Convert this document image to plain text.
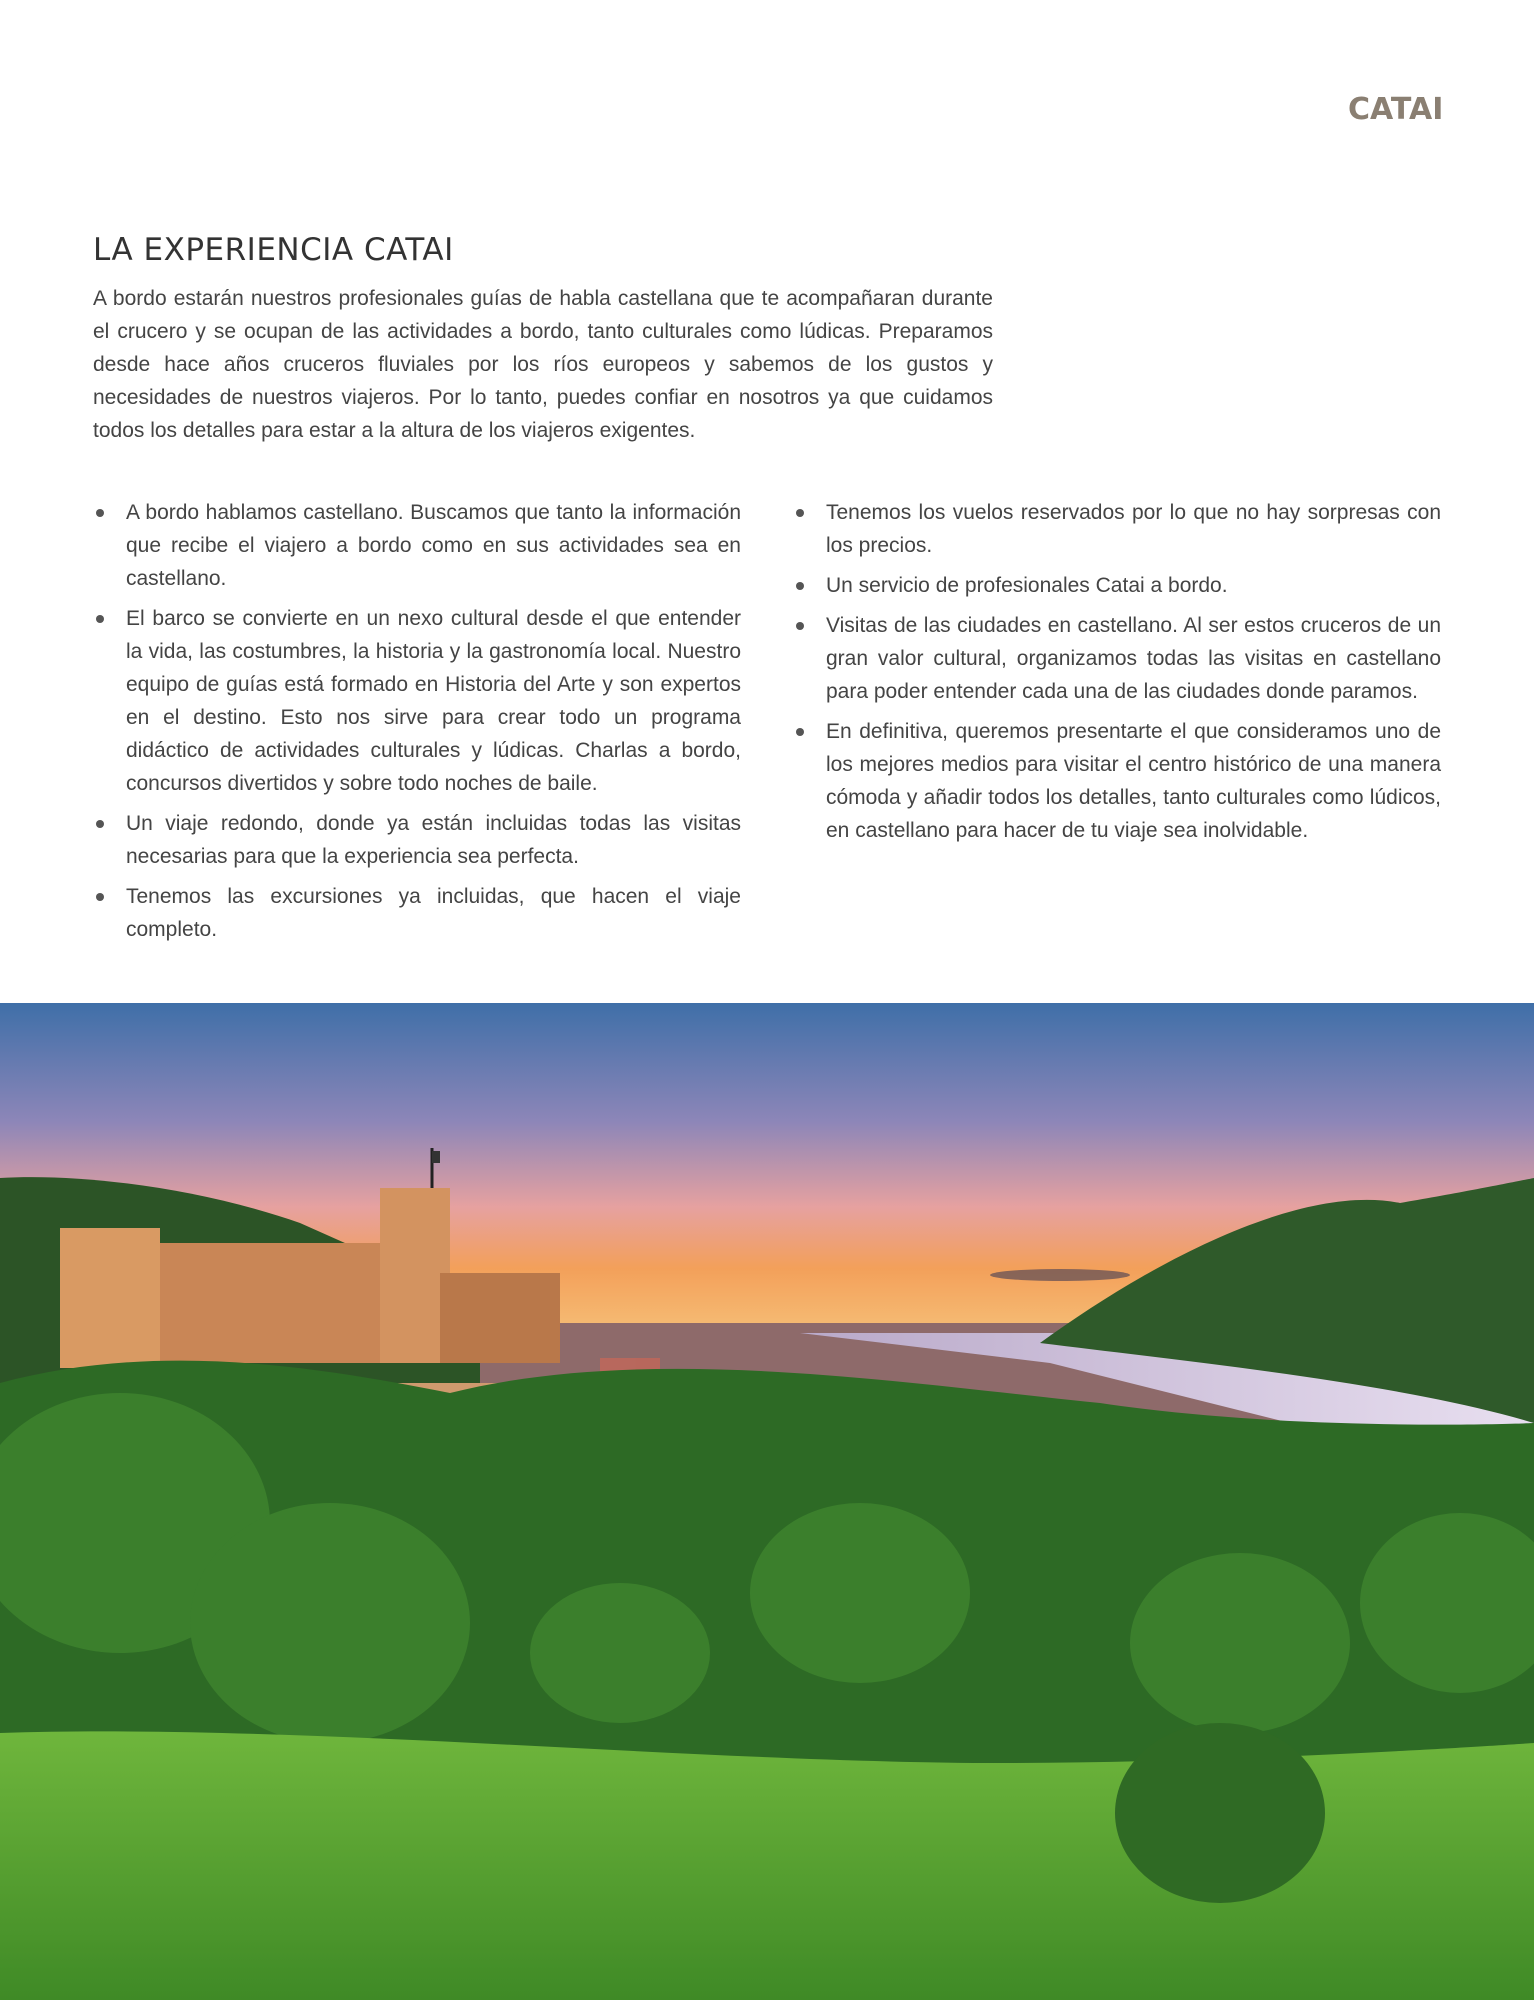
CATAI
LA EXPERIENCIA CATAI

A bordo estarán nuestros profesionales guías de habla castellana que te acompañaran durante el crucero y se ocupan de las actividades a bordo, tanto culturales como lúdicas. Preparamos desde hace años cruceros fluviales por los ríos europeos y sabemos de los gustos y necesidades de nuestros viajeros. Por lo tanto, puedes confiar en nosotros ya que cuidamos todos los detalles para estar a la altura de los viajeros exigentes.

A bordo hablamos castellano. Buscamos que tanto la información que recibe el viajero a bordo como en sus actividades sea en castellano.
El barco se convierte en un nexo cultural desde el que entender la vida, las costumbres, la historia y la gastronomía local. Nuestro equipo de guías está formado en Historia del Arte y son expertos en el destino. Esto nos sirve para crear todo un programa didáctico de actividades culturales y lúdicas. Charlas a bordo, concursos divertidos y sobre todo noches de baile.
Un viaje redondo, donde ya están incluidas todas las visitas necesarias para que la experiencia sea perfecta.
Tenemos las excursiones ya incluidas, que hacen el viaje completo.
Tenemos los vuelos reservados por lo que no hay sorpresas con los precios.
Un servicio de profesionales Catai a bordo.
Visitas de las ciudades en castellano. Al ser estos cruceros de un gran valor cultural, organizamos todas las visitas en castellano para poder entender cada una de las ciudades donde paramos.
En definitiva, queremos presentarte el que consideramos uno de los mejores medios para visitar el centro histórico de una manera cómoda y añadir todos los detalles, tanto culturales como lúdicos, en castellano para hacer de tu viaje sea inolvidable.
